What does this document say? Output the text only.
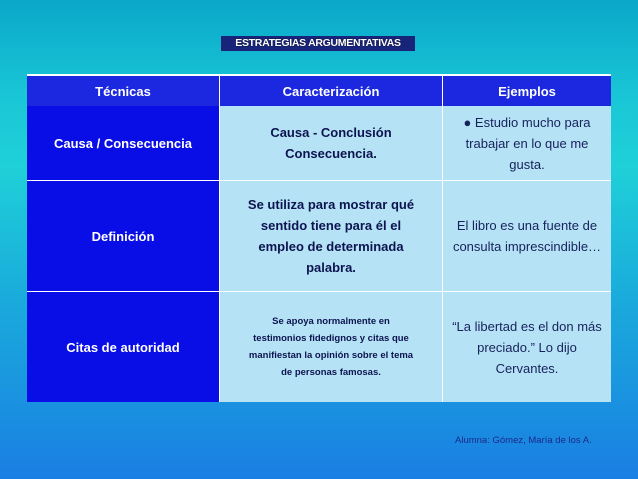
ESTRATEGIAS ARGUMENTATIVAS
Técnicas	Caracterización	Ejemplos
Causa / Consecuencia
Causa - Conclusión
Consecuencia.
● Estudio mucho para
trabajar en lo que me gusta.
Definición
Se utiliza para mostrar qué
sentido tiene para él el
empleo de determinada
palabra.
El libro es una fuente de
consulta imprescindible…
Citas de autoridad
Se apoya normalmente en
testimonios fidedignos y citas que
manifiestan la opinión sobre el tema
de personas famosas.
“La libertad es el don más
preciado.” Lo dijo Cervantes.
Alumna: Gómez, María de los A.
